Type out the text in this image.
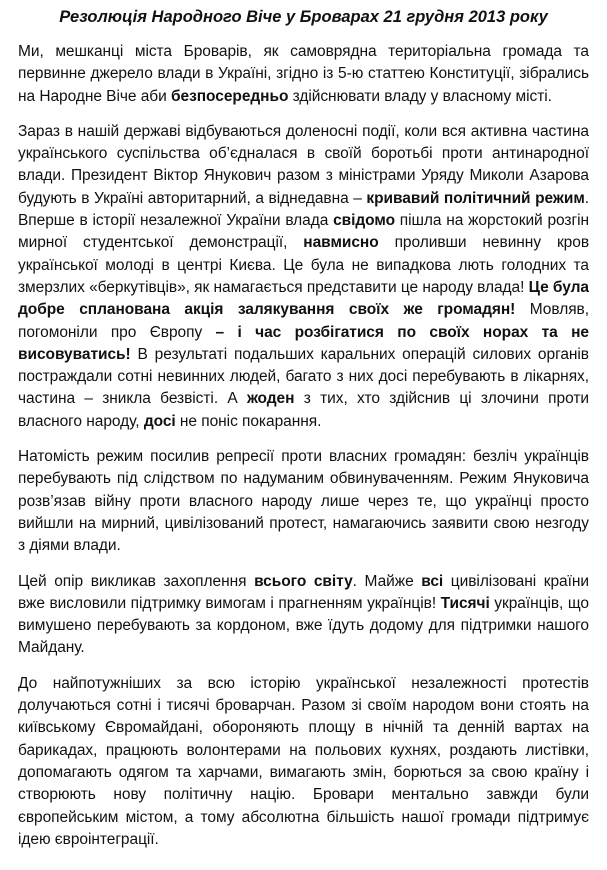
Резолюція Народного Віче у Броварах 21 грудня 2013 року

Ми, мешканці міста Броварів, як самоврядна територіальна громада та первинне джерело влади в Україні, згідно із 5-ю статтею Конституції, зібрались на Народне Віче аби безпосередньо здійснювати владу у власному місті.

Зараз в нашій державі відбуваються доленосні події, коли вся активна частина українського суспільства об’єдналася в своїй боротьбі проти антинародної влади. Президент Віктор Янукович разом з міністрами Уряду Миколи Азарова будують в Україні авторитарний, а віднедавна – кривавий політичний режим. Вперше в історії незалежної України влада свідомо пішла на жорстокий розгін мирної студентської демонстрації, навмисно проливши невинну кров української молоді в центрі Києва. Це була не випадкова лють голодних та змерзлих «беркутівців», як намагається представити це народу влада! Це була добре спланована акція залякування своїх же громадян! Мовляв, погомоніли про Європу – і час розбігатися по своїх норах та не висовуватись! В результаті подальших каральних операцій силових органів постраждали сотні невинних людей, багато з них досі перебувають в лікарнях, частина – зникла безвісті. А жоден з тих, хто здійснив ці злочини проти власного народу, досі не поніс покарання.

Натомість режим посилив репресії проти власних громадян: безліч українців перебувають під слідством по надуманим обвинуваченням. Режим Януковича розв’язав війну проти власного народу лише через те, що українці просто вийшли на мирний, цивілізований протест, намагаючись заявити свою незгоду з діями влади.

Цей опір викликав захоплення всього світу. Майже всі цивілізовані країни вже висловили підтримку вимогам і прагненням українців! Тисячі українців, що вимушено перебувають за кордоном, вже їдуть додому для підтримки нашого Майдану.

До найпотужніших за всю історію української незалежності протестів долучаються сотні і тисячі броварчан. Разом зі своїм народом вони стоять на київському Євромайдані, обороняють площу в нічній та денній вартах на барикадах, працюють волонтерами на польових кухнях, роздають листівки, допомагають одягом та харчами, вимагають змін, борються за свою країну і створюють нову політичну націю. Бровари ментально завжди були європейським містом, а тому абсолютна більшість нашої громади підтримує ідею євроінтеграції.
